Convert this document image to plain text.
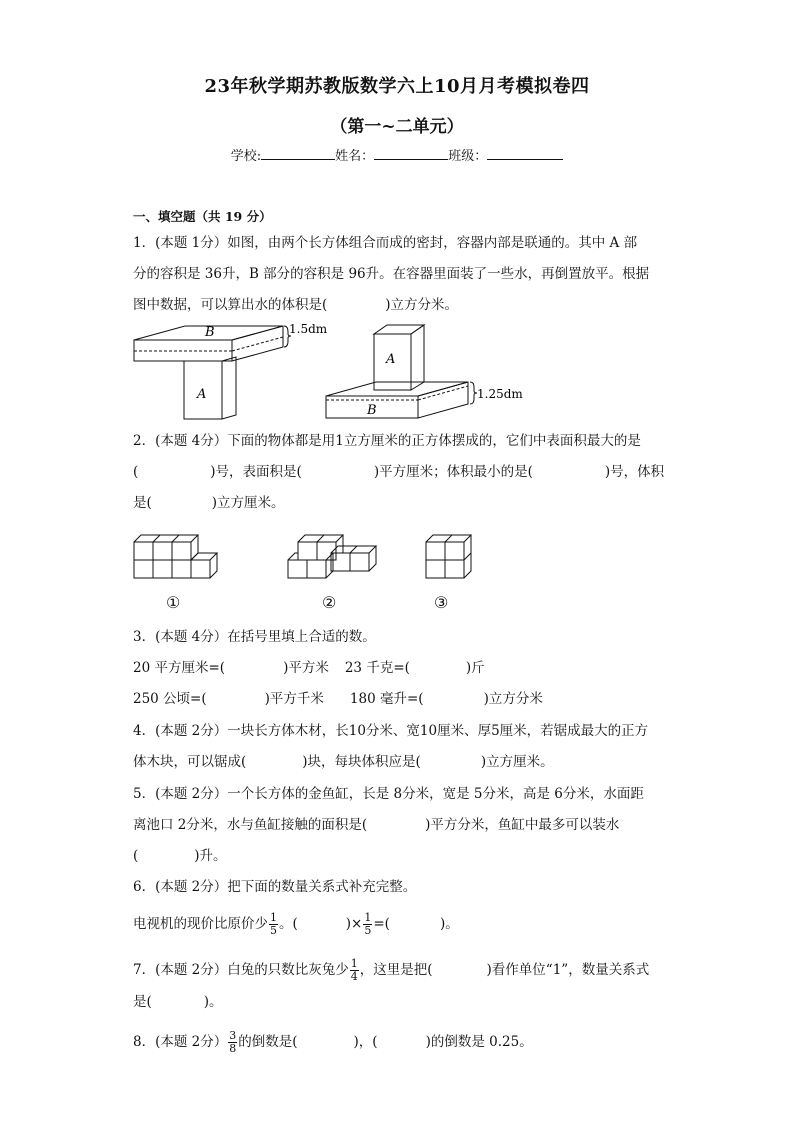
23年秋学期苏教版数学六上10月月考模拟卷四
（第一~二单元）
学校:	姓名：	班级：
一、填空题（共 19 分）
1．(本题 1分）如图，由两个长方体组合而成的密封，容器内部是联通的。其中 A 部
分的容积是 36升，B 部分的容积是 96升。在容器里面装了一些水，再倒置放平。根据
图中数据，可以算出水的体积是(	)立方分米。
B
A
1.5dm
A
B
1.25dm
2．(本题 4分）下面的物体都是用1立方厘米的正方体摆成的，它们中表面积最大的是
(	)号，表面积是(	)平方厘米；体积最小的是(	)号，体积
是(	)立方厘米。
①	②	③
3．(本题 4分）在括号里填上合适的数。
20 平方厘米=(	)平方米 23 千克=(	)斤
250 公顷=(	)平方千米 180 毫升=(	)立方分米
4．(本题 2分）一块长方体木材，长10分米、宽10厘米、厚5厘米，若锯成最大的正方
体木块，可以锯成(	)块，每块体积应是(	)立方厘米。
5．(本题 2分）一个长方体的金鱼缸，长是 8分米，宽是 5分米，高是 6分米，水面距
离池口 2分米，水与鱼缸接触的面积是(	)平方分米，鱼缸中最多可以装水
(	)升。
6．(本题 2分）把下面的数量关系式补充完整。
电视机的现价比原价少 $\frac{1}{5}$ 。(	)× $\frac{1}{5}$ =(	)。
7．(本题 2分）白兔的只数比灰兔少 $\frac{1}{4}$ ，这里是把(	)看作单位“1”，数量关系式
是(	)。
8．(本题 2分） $\frac{3}{8}$ 的倒数是(	)，(	)的倒数是 0.25。
